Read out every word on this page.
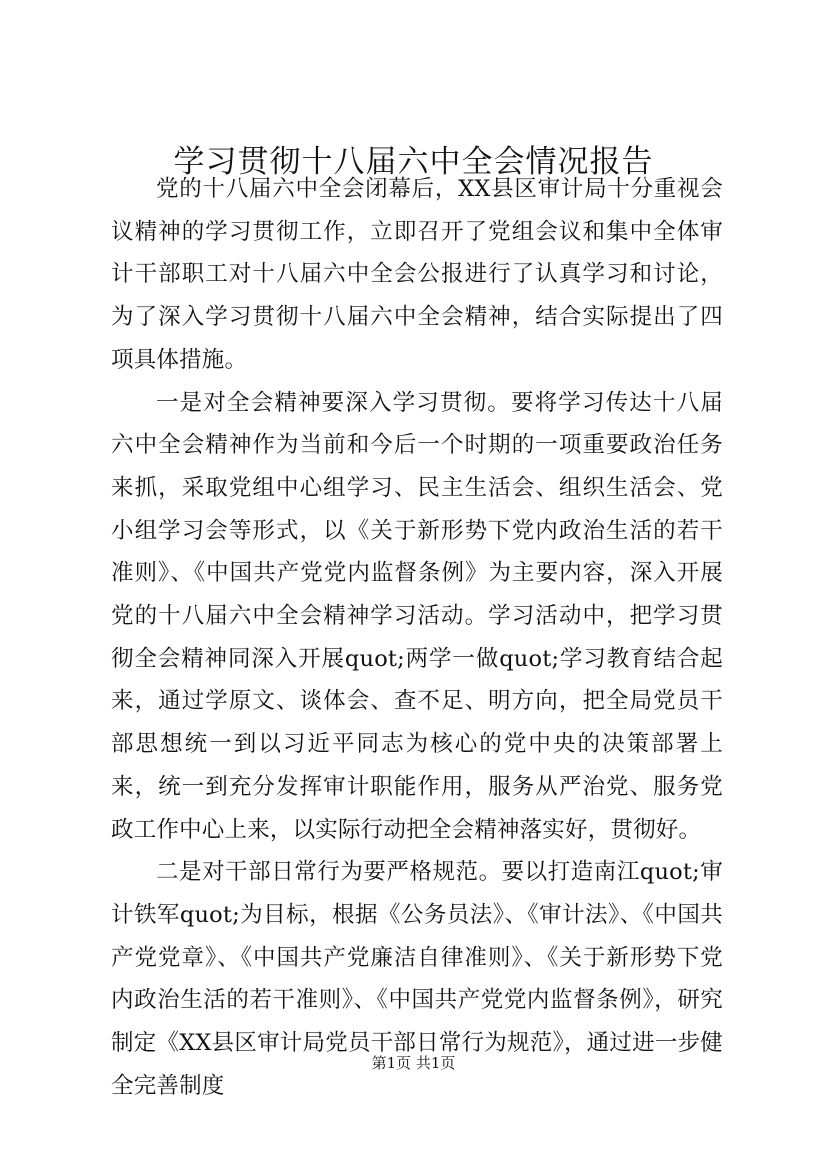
学习贯彻十八届六中全会情况报告

党的十八届六中全会闭幕后，XX县区审计局十分重视会议精神的学习贯彻工作，立即召开了党组会议和集中全体审计干部职工对十八届六中全会公报进行了认真学习和讨论，为了深入学习贯彻十八届六中全会精神，结合实际提出了四项具体措施。

一是对全会精神要深入学习贯彻。要将学习传达十八届六中全会精神作为当前和今后一个时期的一项重要政治任务来抓，采取党组中心组学习、民主生活会、组织生活会、党小组学习会等形式，以《关于新形势下党内政治生活的若干准则》、《中国共产党党内监督条例》为主要内容，深入开展党的十八届六中全会精神学习活动。学习活动中，把学习贯彻全会精神同深入开展quot;两学一做quot;学习教育结合起来，通过学原文、谈体会、查不足、明方向，把全局党员干部思想统一到以习近平同志为核心的党中央的决策部署上来，统一到充分发挥审计职能作用，服务从严治党、服务党政工作中心上来，以实际行动把全会精神落实好，贯彻好。

二是对干部日常行为要严格规范。要以打造南江quot;审计铁军quot;为目标，根据《公务员法》、《审计法》、《中国共产党党章》、《中国共产党廉洁自律准则》、《关于新形势下党内政治生活的若干准则》、《中国共产党党内监督条例》，研究制定《XX县区审计局党员干部日常行为规范》，通过进一步健全完善制度

第1页 共1页
